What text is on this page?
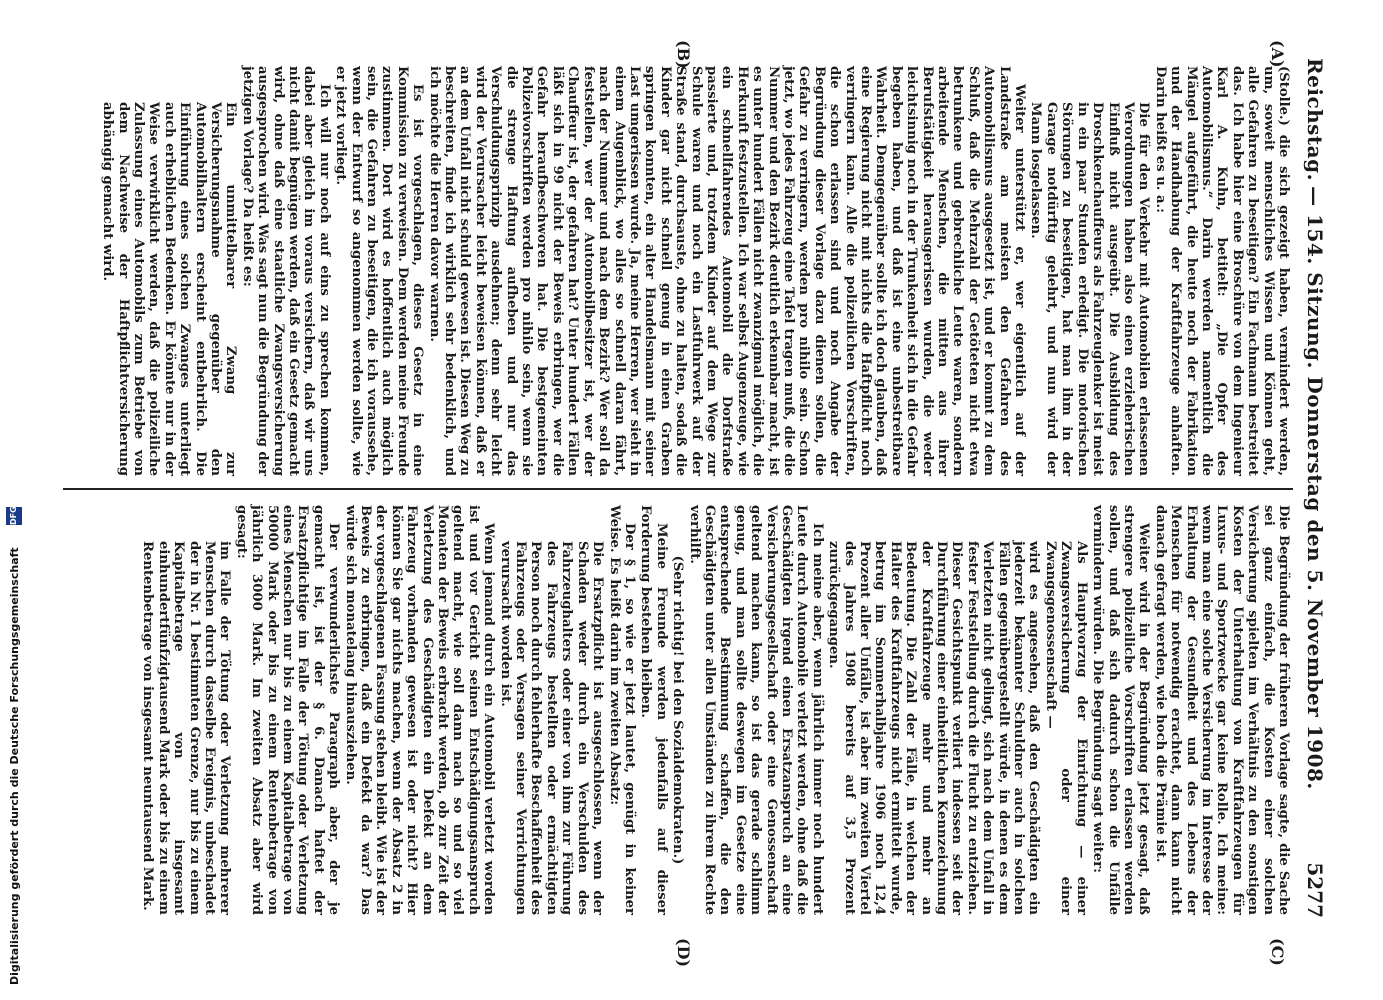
Reichstag.
— 154. Sitzung. Donnerstag den 5. November 1908.
5277
(A)
(B)
(C)
(D)

(Stolle.) die sich gezeigt haben, vermindert werden, um, soweit menschliches Wissen und Können geht, alle Gefahren zu beseitigen? Ein Fachmann bestreitet das. Ich habe hier eine Broschüre von dem Ingenieur Karl A. Kuhn, betitelt: „Die Opfer des Automobilismus.“ Darin werden namentlich die Mängel aufgeführt, die heute noch der Fabrikation und der Handhabung der Kraftfahrzeuge anhaften. Darin heißt es u. a.:

Die für den Verkehr mit Automobilen erlassenen Verordnungen haben also einen erzieherischen Einfluß nicht ausgeübt. Die Ausbildung des Droschkenchauffeurs als Fahrzeuglenker ist meist in ein paar Stunden erledigt. Die motorischen Störungen zu beseitigen, hat man ihm in der Garage notdürftig gelehrt, und nun wird der Mann losgelassen.

Weiter unterstützt er, wer eigentlich auf der Landstraße am meisten den Gefahren des Automobilismus ausgesetzt ist, und er kommt zu dem Schluß, daß die Mehrzahl der Getöteten nicht etwa betrunkene und gebrechliche Leute waren, sondern arbeitende Menschen, die mitten aus ihrer Berufstätigkeit herausgerissen wurden, die weder leichtsinnig noch in der Trunkenheit sich in die Gefahr begeben haben, und daß ist eine unbestreitbare Wahrheit. Demgegenüber sollte ich doch glauben, daß eine Regierung nicht mit nichts die Haftpflicht noch verringern kann. Alle die polizeilichen Vorschriften, die schon erlassen sind und noch Angabe der Begründung dieser Vorlage dazu dienen sollen, die Gefahr zu verringern, werden pro nihilo sein. Schon jetzt, wo jedes Fahrzeug eine Tafel tragen muß, die die Nummer und den Bezirk deutlich erkennbar macht, ist es unter hundert Fällen nicht zwanzigmal möglich, die Herkunft festzustellen. Ich war selbst Augenzeuge, wie ein schnellfahrendes Automobil die Dorfstraße passierte und, trotzdem Kinder auf dem Wege zur Schule waren und noch ein Lastfuhrwerk auf der Straße stand, durchsauste, ohne zu halten, sodaß die Kinder gar nicht schnell genug in einen Graben springen konnten, ein alter Handelsmann mit seiner Last umgerissen wurde. Ja, meine Herren, wer sieht in einem Augenblick, wo alles so schnell daran fährt, nach der Nummer und nach dem Bezirk? Wer soll da feststellen, wer der Automobilbesitzer ist, wer der Chauffeur ist, der gefahren hat? Unter hundert Fällen läßt sich in 99 nicht der Beweis erbringen, wer die Gefahr heraufbeschworen hat. Die bestgemeinten Polizeivorschriften werden pro nihilo sein, wenn sie die strenge Haftung aufheben und nur das Verschuldungsprinzip ausdehnen; denn sehr leicht wird der Verursacher leicht beweisen können, daß er an dem Unfall nicht schuld gewesen ist. Diesen Weg zu beschreiten, finde ich wirklich sehr bedenklich, und ich möchte die Herren davor warnen.

Es ist vorgeschlagen, dieses Gesetz in eine Kommission zu verweisen. Dem werden meine Freunde zustimmen. Dort wird es hoffentlich auch möglich sein, die Gefahren zu beseitigen, die ich voraussehe, wenn der Entwurf so angenommen werden sollte, wie er jetzt vorliegt.

Ich will nur noch auf eins zu sprechen kommen, dabei aber gleich im voraus versichern, daß wir uns nicht damit begnügen werden, daß ein Gesetz gemacht wird, ohne daß eine staatliche Zwangsversicherung ausgesprochen wird. Was sagt nun die Begründung der jetzigen Vorlage? Da heißt es:

Ein unmittelbarer Zwang zur Versicherungsnahme gegenüber den Automobilhaltern erscheint entbehrlich. Die Einführung eines solchen Zwanges unterliegt auch erheblichen Bedenken. Er könnte nur in der Weise verwirklicht werden, daß die polizeiliche Zulassung eines Automobils zum Betriebe von dem Nachweise der Haftpflichtversicherung abhängig gemacht wird.

Die Begründung der früheren Vorlage sagte, die Sache sei ganz einfach, die Kosten einer solchen Versicherung spielten im Verhältnis zu den sonstigen Kosten der Unterhaltung von Kraftfahrzeugen für Luxus- und Sportzwecke gar keine Rolle. Ich meine: wenn man eine solche Versicherung im Interesse der Erhaltung der Gesundheit und des Lebens der Menschen für notwendig erachtet, dann kann nicht danach gefragt werden, wie hoch die Prämie ist.

Weiter wird in der Begründung jetzt gesagt, daß strengere polizeiliche Vorschriften erlassen werden sollen, und daß sich dadurch schon die Unfälle vermindern würden. Die Begründung sagt weiter:

Als Hauptvorzug der Einrichtung — einer Zwangsversicherung oder einer Zwangsgenossenschaft —

wird es angesehen, daß den Geschädigten ein jederzeit bekannter Schuldner auch in solchen Fällen gegenübergestellt würde, in denen es dem Verletzten nicht gelingt, sich nach dem Unfall in fester Feststellung durch die Flucht zu entziehen. Dieser Gesichtspunkt verliert indessen seit der Durchführung einer einheitlichen Kennzeichnung der Kraftfahrzeuge mehr und mehr an Bedeutung. Die Zahl der Fälle, in welchen der Halter des Kraftfahrzeugs nicht ermittelt wurde, betrug im Sommerhalbjahre 1906 noch 12,4 Prozent aller Unfälle, ist aber im zweiten Viertel des Jahres 1908 bereits auf 3,5 Prozent zurückgegangen.

Ich meine aber, wenn jährlich immer noch hundert Leute durch Automobile verletzt werden, ohne daß die Geschädigten irgend einen Ersatzanspruch an eine Versicherungsgesellschaft oder eine Genossenschaft geltend machen kann, so ist das gerade schlimm genug, und man sollte deswegen im Gesetze eine entsprechende Bestimmung schaffen, die den Geschädigten unter allen Umständen zu ihrem Rechte verhilft.

(Sehr richtig! bei den Sozialdemokraten.)

Meine Freunde werden jedenfalls auf dieser Forderung bestehen bleiben.

Der § 1, so wie er jetzt lautet, genügt in keiner Weise. Es heißt darin im zweiten Absatz:

Die Ersatzpflicht ist ausgeschlossen, wenn der Schaden weder durch ein Verschulden des Fahrzeughalters oder einer von ihm zur Führung des Fahrzeugs bestellten oder ermächtigten Person noch durch fehlerhafte Beschaffenheit des Fahrzeugs oder Versagen seiner Verrichtungen verursacht worden ist.

Wenn jemand durch ein Automobil verletzt worden ist und vor Gericht seinen Entschädigungsanspruch geltend macht, wie soll dann nach so und so viel Monaten der Beweis erbracht werden, ob zur Zeit der Verletzung des Geschädigten ein Defekt an dem Fahrzeug vorhanden gewesen ist oder nicht? Hier können Sie gar nichts machen, wenn der Absatz 2 in der vorgeschlagenen Fassung stehen bleibt. Wie ist der Beweis zu erbringen, daß ein Defekt da war? Das würde sich monatelang hinausziehen.

Der verwunderlichste Paragraph aber, der je gemacht ist, ist der § 6. Danach haftet der Ersatzpflichtige im Falle der Tötung oder Verletzung eines Menschen nur bis zu einem Kapitalbetrage von 50000 Mark oder bis zu einem Rentenbetrage von jährlich 3000 Mark. Im zweiten Absatz aber wird gesagt:

im Falle der Tötung oder Verletzung mehrerer Menschen durch dasselbe Ereignis, unbeschadet der in Nr. 1 bestimmten Grenze, nur bis zu einem Kapitalbetrage von insgesamt einhundertfünfzigtausend Mark oder bis zu einem Rentenbetrage von insgesamt neuntausend Mark.

Digitalisierung gefördert durch die Deutsche Forschungsgemeinschaft
DFG
